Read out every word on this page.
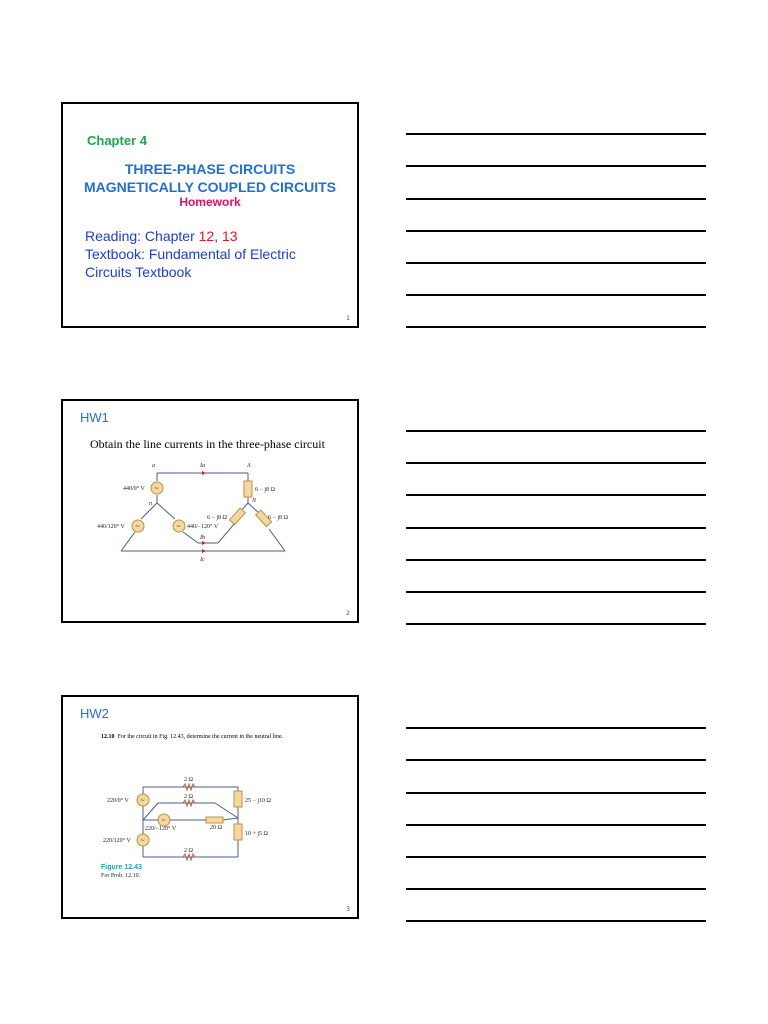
Chapter 4
THREE-PHASE CIRCUITS
MAGNETICALLY COUPLED CIRCUITS
Homework
Reading: Chapter 12, 13
Textbook: Fundamental of Electric
Circuits Textbook
1
HW1
Obtain the line currents in the three-phase circuit
~
~	~
Ia
Ib
Ic
a	A
n	N
440/0° V
440/120° V	440/−120° V
6 − j8 Ω
6 − j8 Ω	6 − j8 Ω
2
HW2
12.10 For the circuit in Fig. 12.43, determine the current in the neutral line.
~
~
~
2 Ω
2 Ω
2 Ω
20 Ω
220/0° V
220/−120° V
220/120° V
25 − j10 Ω
10 + j5 Ω
Figure 12.43
For Prob. 12.10.
3
